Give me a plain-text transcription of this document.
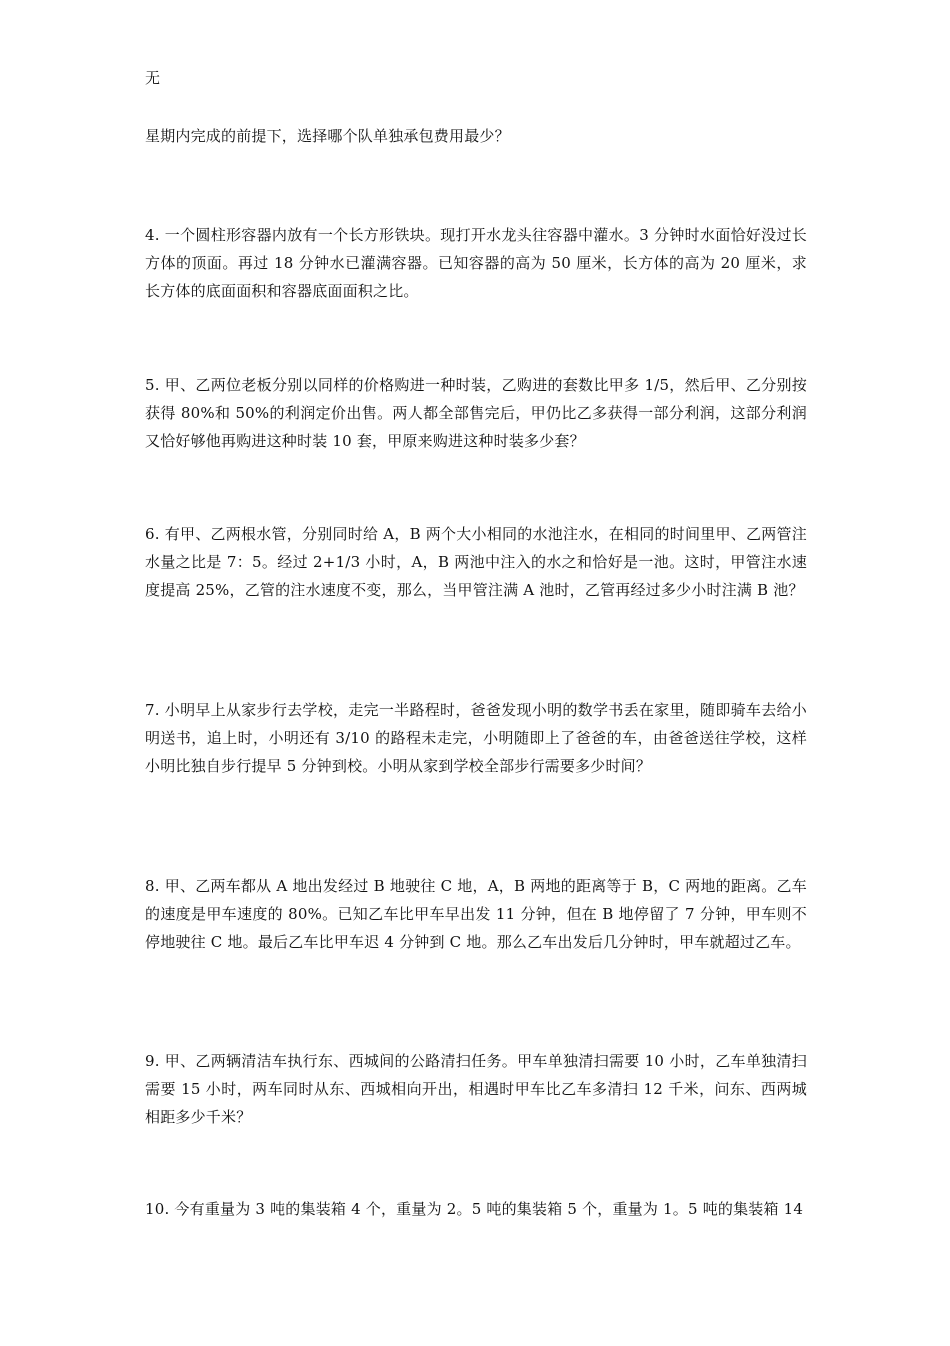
无
星期内完成的前提下，选择哪个队单独承包费用最少？
4. 一个圆柱形容器内放有一个长方形铁块。现打开水龙头往容器中灌水。3 分钟时水面恰好没过长方体的顶面。再过 18 分钟水已灌满容器。已知容器的高为 50 厘米，长方体的高为 20 厘米，求长方体的底面面积和容器底面面积之比。
5. 甲、乙两位老板分别以同样的价格购进一种时装，乙购进的套数比甲多 1/5，然后甲、乙分别按获得 80%和 50%的利润定价出售。两人都全部售完后，甲仍比乙多获得一部分利润，这部分利润又恰好够他再购进这种时装 10 套，甲原来购进这种时装多少套？
6. 有甲、乙两根水管，分别同时给 A，B 两个大小相同的水池注水，在相同的时间里甲、乙两管注水量之比是 7：5。经过 2+1/3 小时，A，B 两池中注入的水之和恰好是一池。这时，甲管注水速度提高 25%，乙管的注水速度不变，那么，当甲管注满 A 池时，乙管再经过多少小时注满 B 池？
7. 小明早上从家步行去学校，走完一半路程时，爸爸发现小明的数学书丢在家里，随即骑车去给小明送书，追上时，小明还有 3/10 的路程未走完，小明随即上了爸爸的车，由爸爸送往学校，这样小明比独自步行提早 5 分钟到校。小明从家到学校全部步行需要多少时间？
8. 甲、乙两车都从 A 地出发经过 B 地驶往 C 地，A，B 两地的距离等于 B，C 两地的距离。乙车的速度是甲车速度的 80%。已知乙车比甲车早出发 11 分钟，但在 B 地停留了 7 分钟，甲车则不停地驶往 C 地。最后乙车比甲车迟 4 分钟到 C 地。那么乙车出发后几分钟时，甲车就超过乙车。
9. 甲、乙两辆清洁车执行东、西城间的公路清扫任务。甲车单独清扫需要 10 小时，乙车单独清扫需要 15 小时，两车同时从东、西城相向开出，相遇时甲车比乙车多清扫 12 千米，问东、西两城相距多少千米？
10. 今有重量为 3 吨的集装箱 4 个，重量为 2。5 吨的集装箱 5 个，重量为 1。5 吨的集装箱 14
